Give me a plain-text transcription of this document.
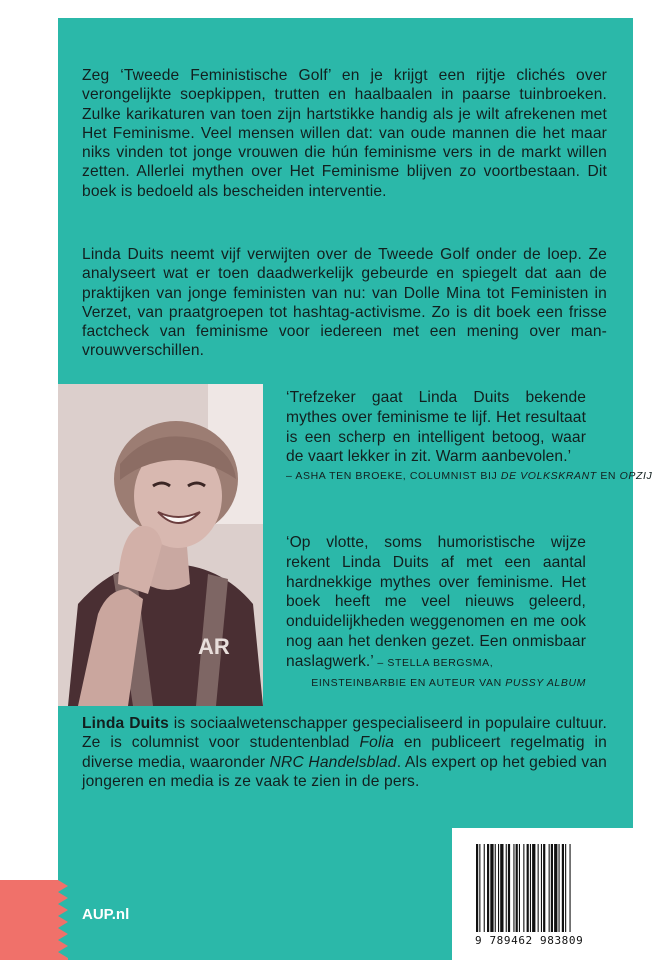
Zeg ‘Tweede Feministische Golf’ en je krijgt een rijtje clichés over verongelijkte soepkippen, trutten en haalbaalen in paarse tuinbroeken. Zulke karikaturen van toen zijn hartstikke handig als je wilt afrekenen met Het Feminisme. Veel mensen willen dat: van oude mannen die het maar niks vinden tot jonge vrouwen die hún feminisme vers in de markt willen zetten. Allerlei mythen over Het Feminisme blijven zo voortbestaan. Dit boek is bedoeld als bescheiden interventie.
Linda Duits neemt vijf verwijten over de Tweede Golf onder de loep. Ze analyseert wat er toen daadwerkelijk gebeurde en spiegelt dat aan de praktijken van jonge feministen van nu: van Dolle Mina tot Feministen in Verzet, van praatgroepen tot hashtag-activisme. Zo is dit boek een frisse factcheck van feminisme voor iedereen met een mening over man-vrouwverschillen.
AR
‘Trefzeker gaat Linda Duits bekende mythes over feminisme te lijf. Het resultaat is een scherp en intelligent betoog, waar de vaart lekker in zit. Warm aanbevolen.’
– ASHA TEN BROEKE, COLUMNIST BIJ DE VOLKSKRANT EN OPZIJ
‘Op vlotte, soms humoristische wijze rekent Linda Duits af met een aantal hardnekkige mythes over feminisme. Het boek heeft me veel nieuws geleerd, onduidelijkheden weggenomen en me ook nog aan het denken gezet. Een onmisbaar naslagwerk.’ – STELLA BERGSMA,
EINSTEINBARBIE EN AUTEUR VAN PUSSY ALBUM
Linda Duits is sociaalwetenschapper gespecialiseerd in populaire cultuur. Ze is columnist voor studentenblad Folia en publiceert regelmatig in diverse media, waaronder NRC Handelsblad. Als expert op het gebied van jongeren en media is ze vaak te zien in de pers.
AUP.nl
9 789462 983809
